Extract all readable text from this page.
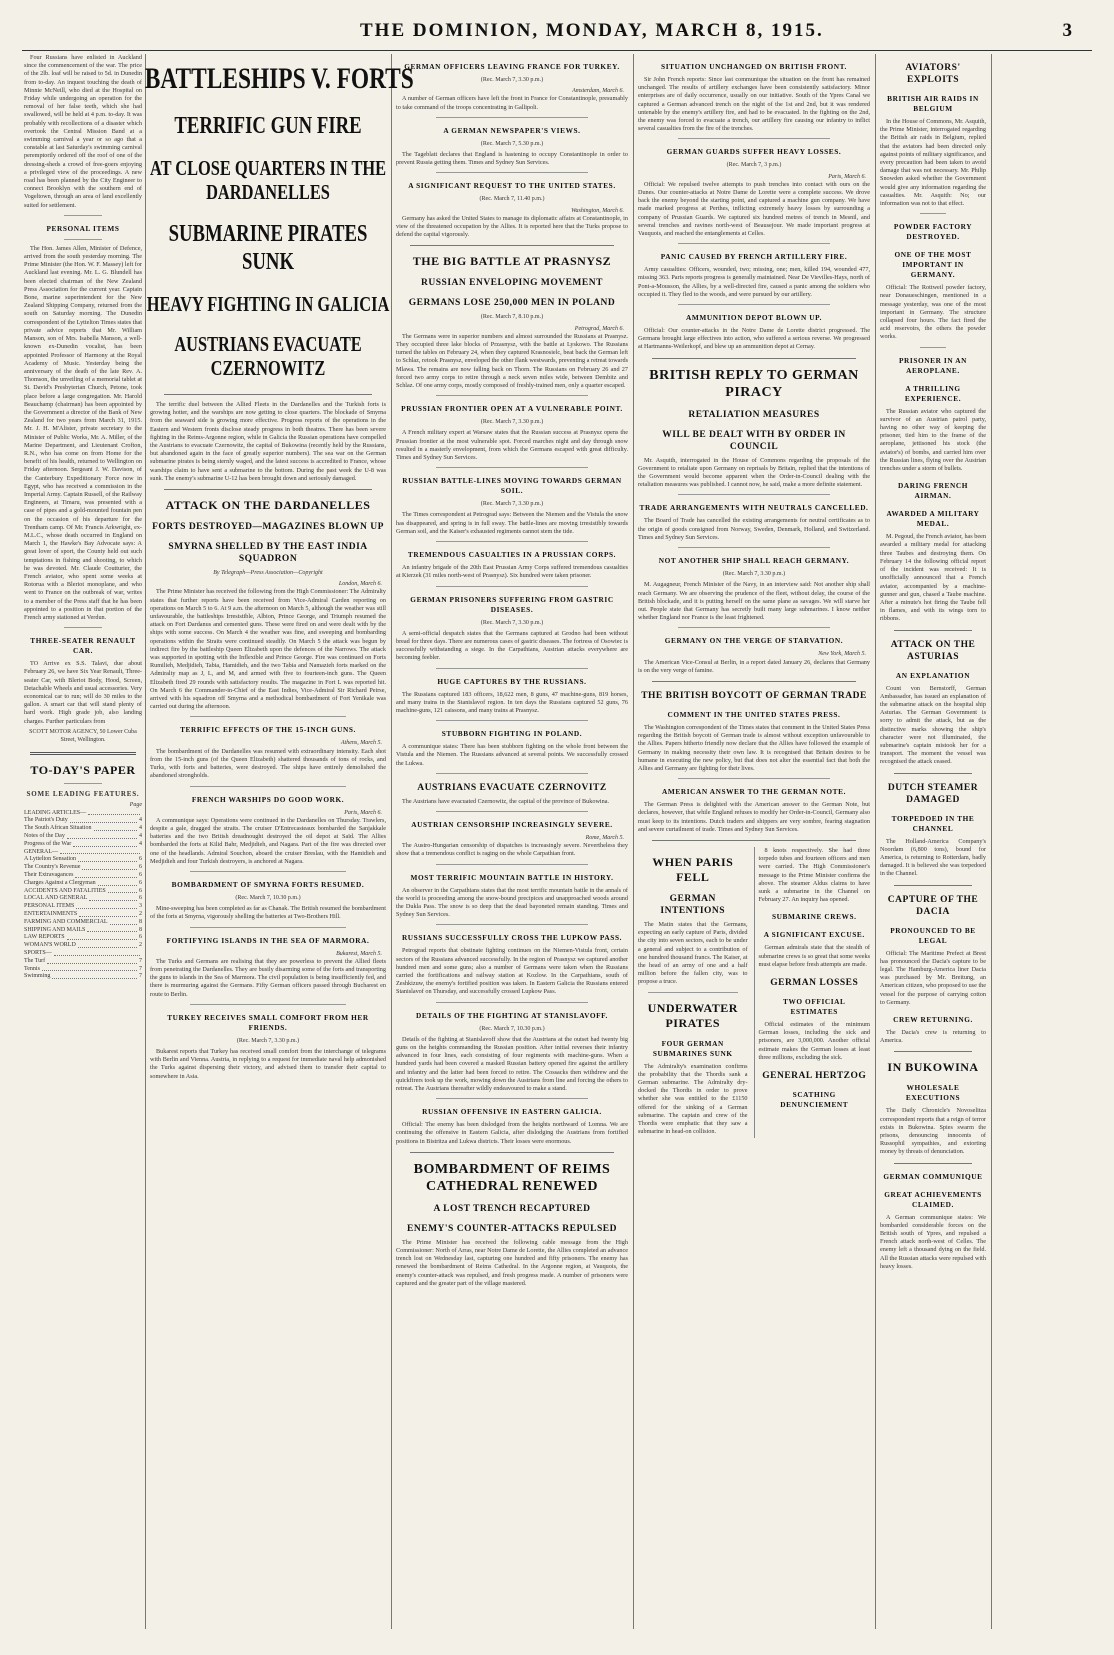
THE DOMINION, MONDAY, MARCH 8, 1915.	3

Four Russians have enlisted in Auckland since the commencement of the war. The price of the 2lb. loaf will be raised to 5d. in Dunedin from to-day. An inquest touching the death of Minnie McNeill, who died at the Hospital on Friday while undergoing an operation for the removal of her false teeth, which she had swallowed, will be held at 4 p.m. to-day. It was probably with recollections of a disaster which overtook the Central Mission Band at a swimming carnival a year or so ago that a constable at last Saturday's swimming carnival peremptorily ordered off the roof of one of the dressing-sheds a crowd of free-goers enjoying a privileged view of the proceedings. A new road has been planned by the City Engineer to connect Brooklyn with the southern end of Vogeltown, through an area of land excellently suited for settlement.

PERSONAL ITEMS

The Hon. James Allen, Minister of Defence, arrived from the south yesterday morning. The Prime Minister (the Hon. W. F. Massey) left for Auckland last evening. Mr. L. G. Blundell has been elected chairman of the New Zealand Press Association for the current year. Captain Bone, marine superintendent for the New Zealand Shipping Company, returned from the south on Saturday morning. The Dunedin correspondent of the Lyttelton Times states that private advice reports that Mr. William Manson, son of Mrs. Isabella Manson, a well-known ex-Dunedin vocalist, has been appointed Professor of Harmony at the Royal Academy of Music. Yesterday being the anniversary of the death of the late Rev. A. Thomson, the unveiling of a memorial tablet at St. David's Presbyterian Church, Petone, took place before a large congregation. Mr. Harold Beauchamp (chairman) has been appointed by the Government a director of the Bank of New Zealand for two years from March 31, 1915. Mr. J. H. M'Alister, private secretary to the Minister of Public Works, Mr. A. Miller, of the Marine Department, and Lieutenant Crofton, R.N., who has come on from Home for the benefit of his health, returned to Wellington on Friday afternoon. Sergeant J. W. Davison, of the Canterbury Expeditionary Force now in Egypt, who has received a commission in the Imperial Army. Captain Russell, of the Railway Engineers, at Timaru, was presented with a case of pipes and a gold-mounted fountain pen on the occasion of his departure for the Trentham camp. Of Mr. Francis Arkwright, ex-M.L.C., whose death occurred in England on March 1, the Hawke's Bay Advocate says: A great lover of sport, the County held out such temptations in fishing and shooting, to which he was devoted. Mr. Claude Coutturier, the French aviator, who spent some weeks at Rotorua with a Bleriot monoplane, and who went to France on the outbreak of war, writes to a member of the Press staff that he has been appointed to a position in that portion of the French army stationed at Verdun.

THREE-SEATER RENAULT CAR.

TO Arrive ex S.S. Talavi, due about February 26, we have Six Year Renault, Three-seater Car, with Bleriot Body, Hood, Screen, Detachable Wheels and usual accessories. Very economical car to run; will do 30 miles to the gallon. A smart car that will stand plenty of hard work. High grade job, also landing charges. Further particulars from

SCOTT MOTOR AGENCY, 50 Lower Cuba Street, Wellington.
TO-DAY'S PAPER
SOME LEADING FEATURES.
Page
LEADING ARTICLES—
The Patriot's Duty	4
The South African Situation	4
Notes of the Day	4
Progress of the War	4
GENERAL—
A Lyttelton Sensation	6
The Country's Revenue	6
Their Extravagances	6
Charges Against a Clergyman	6
ACCIDENTS AND FATALITIES	6
LOCAL AND GENERAL	6
PERSONAL ITEMS	3
ENTERTAINMENTS	2
FARMING AND COMMERCIAL	8
SHIPPING AND MAILS	8
LAW REPORTS	6
WOMAN'S WORLD	2
SPORTS—
The Turf	7
Tennis	7
Swimming	7
BATTLESHIPS V. FORTS
TERRIFIC GUN FIRE
AT CLOSE QUARTERS IN THE DARDANELLES
SUBMARINE PIRATES SUNK
HEAVY FIGHTING IN GALICIA
AUSTRIANS EVACUATE CZERNOWITZ

The terrific duel between the Allied Fleets in the Dardanelles and the Turkish forts is growing hotter, and the warships are now getting to close quarters. The blockade of Smyrna from the seaward side is growing more effective. Progress reports of the operations in the Eastern and Western fronts disclose steady progress in both theatres. There has been severe fighting in the Reims-Argonne region, while in Galicia the Russian operations have compelled the Austrians to evacuate Czernowitz, the capital of Bukowina (recently held by the Russians, but abandoned again in the face of greatly superior numbers). The sea war on the German submarine pirates is being sternly waged, and the latest success is accredited to France, whose warships claim to have sent a submarine to the bottom. During the past week the U-8 was sunk. The enemy's submarine U-12 has been brought down and seriously damaged.

ATTACK ON THE DARDANELLES
FORTS DESTROYED—MAGAZINES BLOWN UP
SMYRNA SHELLED BY THE EAST INDIA SQUADRON
By Telegraph—Press Association—Copyright
London, March 6.

The Prime Minister has received the following from the High Commissioner: The Admiralty states that further reports have been received from Vice-Admiral Carden reporting on operations on March 5 to 6. At 9 a.m. the afternoon on March 5, although the weather was still unfavourable, the battleships Irresistible, Albion, Prince George, and Triumph resumed the attack on Fort Dardanus and cemented guns. These were fired on and were dealt with by the ships with some success. On March 4 the weather was fine, and sweeping and bombarding operations within the Straits were continued steadily. On March 5 the attack was begun by indirect fire by the battleship Queen Elizabeth upon the defences of the Narrows. The attack was supported in spotting with the Inflexible and Prince George. Fire was continued on Forts Rumilieh, Medjidieh, Tabia, Hamidieh, and the two Tabia and Namazieh forts marked on the Admiralty map as J, L, and M, and armed with five to fourteen-inch guns. The Queen Elizabeth fired 29 rounds with satisfactory results. The magazine in Fort L was reported hit. On March 6 the Commander-in-Chief of the East Indies, Vice-Admiral Sir Richard Peirse, arrived with his squadron off Smyrna and a methodical bombardment of Fort Yenikale was carried out during the afternoon.

TERRIFIC EFFECTS OF THE 15-INCH GUNS.
Athens, March 5.

The bombardment of the Dardanelles was resumed with extraordinary intensity. Each shot from the 15-inch guns (of the Queen Elizabeth) shattered thousands of tons of rocks, and Turks, with forts and batteries, were destroyed. The ships have entirely demolished the abandoned strongholds.

FRENCH WARSHIPS DO GOOD WORK.
Paris, March 6.

A communique says: Operations were continued in the Dardanelles on Thursday. Trawlers, despite a gale, dragged the straits. The cruiser D'Entrecasteaux bombarded the Sanjakkale batteries and the two British dreadnought destroyed the oil depot at Saïd. The Allies bombarded the forts at Kilid Bahr, Medjidieh, and Nagara. Part of the fire was directed over one of the headlands. Admiral Souchon, aboard the cruiser Breslau, with the Hamidieh and Medjidieh and four Turkish destroyers, is anchored at Nagara.

BOMBARDMENT OF SMYRNA FORTS RESUMED.
(Rec. March 7, 10.30 p.m.)

Mine-sweeping has been completed as far as Chanak. The British resumed the bombardment of the forts at Smyrna, vigorously shelling the batteries at Two-Brothers Hill.

FORTIFYING ISLANDS IN THE SEA OF MARMORA.
Bukarest, March 5.

The Turks and Germans are realising that they are powerless to prevent the Allied fleets from penetrating the Dardanelles. They are busily disarming some of the forts and transporting the guns to islands in the Sea of Marmora. The civil population is being insufficiently fed, and there is murmuring against the Germans. Fifty German officers passed through Bucharest en route to Berlin.

TURKEY RECEIVES SMALL COMFORT FROM HER FRIENDS.
(Rec. March 7, 3.30 p.m.)

Bukarest reports that Turkey has received small comfort from the interchange of telegrams with Berlin and Vienna. Austria, in replying to a request for immediate naval help admonished the Turks against dispersing their victory, and advised them to transfer their capital to somewhere in Asia.

GERMAN OFFICERS LEAVING FRANCE FOR TURKEY.
(Rec. March 7, 3.30 p.m.)
Amsterdam, March 6.

A number of German officers have left the front in France for Constantinople, presumably to take command of the troops concentrating in Gallipoli.

A GERMAN NEWSPAPER'S VIEWS.
(Rec. March 7, 5.30 p.m.)

The Tageblatt declares that England is hastening to occupy Constantinople in order to prevent Russia getting them. Times and Sydney Sun Services.

A SIGNIFICANT REQUEST TO THE UNITED STATES.
(Rec. March 7, 11.40 p.m.)
Washington, March 6.

Germany has asked the United States to manage its diplomatic affairs at Constantinople, in view of the threatened occupation by the Allies. It is reported here that the Turks propose to defend the capital vigorously.

THE BIG BATTLE AT PRASNYSZ
RUSSIAN ENVELOPING MOVEMENT
GERMANS LOSE 250,000 MEN IN POLAND
(Rec. March 7, 8.10 p.m.)
Petrograd, March 6.

The Germans were in superior numbers and almost surrounded the Russians at Prasnysz. They occupied three lake blocks of Przasnysz, with the battle at Lyskowo. The Russians turned the tables on February 24, when they captured Krasnosielc, beat back the German left to Schlaz, retook Prasnysz, enveloped the other flank westwards, preventing a retreat towards Mlawa. The remains are now falling back on Thorn. The Russians on February 26 and 27 forced two army corps to retire through a neck seven miles wide, between Dembitz and Schlaz. Of one army corps, mostly composed of freshly-trained men, only a quarter escaped.

PRUSSIAN FRONTIER OPEN AT A VULNERABLE POINT.
(Rec. March 7, 3.30 p.m.)

A French military expert at Warsaw states that the Russian success at Prasnysz opens the Prussian frontier at the most vulnerable spot. Forced marches night and day through snow resulted in a masterly envelopment, from which the Germans escaped with great difficulty. Times and Sydney Sun Services.

RUSSIAN BATTLE-LINES MOVING TOWARDS GERMAN SOIL.
(Rec. March 7, 3.30 p.m.)

The Times correspondent at Petrograd says: Between the Niemen and the Vistula the snow has disappeared, and spring is in full sway. The battle-lines are moving irresistibly towards German soil, and the Kaiser's exhausted regiments cannot stem the tide.

TREMENDOUS CASUALTIES IN A PRUSSIAN CORPS.

An infantry brigade of the 20th East Prussian Army Corps suffered tremendous casualties at Kierzek (31 miles north-west of Prasnysz). Six hundred were taken prisoner.

GERMAN PRISONERS SUFFERING FROM GASTRIC DISEASES.
(Rec. March 7, 3.30 p.m.)

A semi-official despatch states that the Germans captured at Grodno had been without bread for three days. There are numerous cases of gastric diseases. The fortress of Osowiec is successfully withstanding a siege. In the Carpathians, Austrian attacks everywhere are becoming feebler.

HUGE CAPTURES BY THE RUSSIANS.

The Russians captured 183 officers, 18,622 men, 8 guns, 47 machine-guns, 819 horses, and many trains in the Stanislavof region. In ten days the Russians captured 52 guns, 76 machine-guns, 121 caissons, and many trains at Prasnysz.

STUBBORN FIGHTING IN POLAND.

A communique states: There has been stubborn fighting on the whole front between the Vistula and the Niemen. The Russians advanced at several points. We successfully crossed the Lukwa.

AUSTRIANS EVACUATE CZERNOVITZ

The Austrians have evacuated Czernowitz, the capital of the province of Bukowina.

AUSTRIAN CENSORSHIP INCREASINGLY SEVERE.
Rome, March 5.

The Austro-Hungarian censorship of dispatches is increasingly severe. Nevertheless they show that a tremendous conflict is raging on the whole Carpathian front.

MOST TERRIFIC MOUNTAIN BATTLE IN HISTORY.

An observer in the Carpathians states that the most terrific mountain battle in the annals of the world is proceeding among the snow-bound precipices and unapproached woods around the Dukla Pass. The snow is so deep that the dead bayoneted remain standing. Times and Sydney Sun Services.

RUSSIANS SUCCESSFULLY CROSS THE LUPKOW PASS.

Petrograd reports that obstinate fighting continues on the Niemen-Vistula front, certain sectors of the Russians advanced successfully. In the region of Prasnysz we captured another hundred men and some guns; also a number of Germans were taken when the Russians carried the fortifications and railway station at Kozlow. In the Carpathians, south of Zeshkizuw, the enemy's fortified position was taken. In Eastern Galicia the Russians entered Stanislavof on Thursday, and successfully crossed Lupkow Pass.

DETAILS OF THE FIGHTING AT STANISLAVOFF.
(Rec. March 7, 10.30 p.m.)

Details of the fighting at Stanislavoff show that the Austrians at the outset had twenty big guns on the heights commanding the Russian position. After initial reverses their infantry advanced in four lines, each consisting of four regiments with machine-guns. When a hundred yards had been covered a masked Russian battery opened fire against the artillery and infantry and the latter had been forced to retire. The Cossacks then withdrew and the quickfirers took up the work, mowing down the Austrians from line and forcing the others to retreat. The Austrians thereafter wildly endeavoured to make a stand.

RUSSIAN OFFENSIVE IN EASTERN GALICIA.

Official: The enemy has been dislodged from the heights northward of Lomna. We are continuing the offensive in Eastern Galicia, after dislodging the Austrians from fortified positions in Bistritza and Lukwa districts. Their losses were enormous.

BOMBARDMENT OF REIMS CATHEDRAL RENEWED
A LOST TRENCH RECAPTURED
ENEMY'S COUNTER-ATTACKS REPULSED

The Prime Minister has received the following cable message from the High Commissioner: North of Arras, near Notre Dame de Lorette, the Allies completed an advance trench lost on Wednesday last, capturing one hundred and fifty prisoners. The enemy has renewed the bombardment of Reims Cathedral. In the Argonne region, at Vauquois, the enemy's counter-attack was repulsed, and fresh progress made. A number of prisoners were captured and the greater part of the village mastered.

SITUATION UNCHANGED ON BRITISH FRONT.

Sir John French reports: Since last communique the situation on the front has remained unchanged. The results of artillery exchanges have been consistently satisfactory. Minor enterprises are of daily occurrence, usually on our initiative. South of the Ypres Canal we captured a German advanced trench on the night of the 1st and 2nd, but it was rendered untenable by the enemy's artillery fire, and had to be evacuated. In the fighting on the 2nd, the enemy was forced to evacuate a trench, our artillery fire causing our infantry to inflict several casualties from the fire of the trenches.

GERMAN GUARDS SUFFER HEAVY LOSSES.
(Rec. March 7, 3 p.m.)
Paris, March 6.

Official: We repulsed twelve attempts to push trenches into contact with ours on the Dunes. Our counter-attacks at Notre Dame de Lorette were a complete success. We drove back the enemy beyond the starting point, and captured a machine gun company. We have made marked progress at Perthes, inflicting extremely heavy losses by surrounding a company of Prussian Guards. We captured six hundred metres of trench in Mesnil, and several trenches and ravines north-west of Beausejour. We made important progress at Vauquois, and reached the entanglements at Celles.

PANIC CAUSED BY FRENCH ARTILLERY FIRE.

Army casualties: Officers, wounded, two; missing, one; men, killed 194, wounded 477, missing 363. Paris reports progress is generally maintained. Near De Vievilles-Hays, north of Pont-a-Mousson, the Allies, by a well-directed fire, caused a panic among the soldiers who occupied it. They fled to the woods, and were pursued by our artillery.

AMMUNITION DEPOT BLOWN UP.

Official: Our counter-attacks in the Notre Dame de Lorette district progressed. The Germans brought large effectives into action, who suffered a serious reverse. We progressed at Hartmanns-Weilerkopf, and blew up an ammunition depot at Cernay.

BRITISH REPLY TO GERMAN PIRACY
RETALIATION MEASURES
WILL BE DEALT WITH BY ORDER IN COUNCIL

Mr. Asquith, interrogated in the House of Commons regarding the proposals of the Government to retaliate upon Germany on reprisals by Britain, replied that the intentions of the Government would become apparent when the Order-in-Council dealing with the retaliation measures was published. I cannot now, he said, make a more definite statement.

TRADE ARRANGEMENTS WITH NEUTRALS CANCELLED.

The Board of Trade has cancelled the existing arrangements for neutral certificates as to the origin of goods consigned from Norway, Sweden, Denmark, Holland, and Switzerland. Times and Sydney Sun Services.

NOT ANOTHER SHIP SHALL REACH GERMANY.
(Rec. March 7, 3.30 p.m.)

M. Augagneur, French Minister of the Navy, in an interview said: Not another ship shall reach Germany. We are observing the prudence of the fleet, without delay, the course of the British blockade, and it is putting herself on the same plane as savages. We will starve her out. People state that Germany has secretly built many large submarines. I know neither whether England nor France is the least frightened.

GERMANY ON THE VERGE OF STARVATION.
New York, March 5.

The American Vice-Consul at Berlin, in a report dated January 26, declares that Germany is on the very verge of famine.

THE BRITISH BOYCOTT OF GERMAN TRADE
COMMENT IN THE UNITED STATES PRESS.

The Washington correspondent of the Times states that comment in the United States Press regarding the British boycott of German trade is almost without exception unfavourable to the Allies. Papers hitherto friendly now declare that the Allies have followed the example of Germany in making necessity their own law. It is recognised that Britain desires to be humane in executing the new policy, but that does not alter the essential fact that both the Allies and Germany are fighting for their lives.

AMERICAN ANSWER TO THE GERMAN NOTE.

The German Press is delighted with the American answer to the German Note, but declares, however, that while England refuses to modify her Order-in-Council, Germany also must keep to its intentions. Dutch traders and shippers are very sombre, fearing stagnation and severe curtailment of trade. Times and Sydney Sun Services.

WHEN PARIS FELL
GERMAN INTENTIONS

The Matin states that the Germans, expecting an early capture of Paris, divided the city into seven sectors, each to be under a general and subject to a contribution of one hundred thousand francs. The Kaiser, at the head of an army of one and a half million before the fallen city, was to propose a truce.

UNDERWATER PIRATES
FOUR GERMAN SUBMARINES SUNK

The Admiralty's examination confirms the probability that the Thordis sank a German submarine. The Admiralty dry-docked the Thordis in order to prove whether she was entitled to the £1150 offered for the sinking of a German submarine. The captain and crew of the Thordis were emphatic that they saw a submarine in head-on collision.

8 knots respectively. She had three torpedo tubes and fourteen officers and men were carried. The High Commissioner's message to the Prime Minister confirms the above. The steamer Aldus claims to have sunk a submarine in the Channel on February 27. An inquiry has opened.

SUBMARINE CREWS.
A SIGNIFICANT EXCUSE.

German admirals state that the stealth of submarine crews is so great that some weeks must elapse before fresh attempts are made.

GERMAN LOSSES
TWO OFFICIAL ESTIMATES

Official estimates of the minimum German losses, including the sick and prisoners, are 3,000,000. Another official estimate makes the German losses at least three millions, excluding the sick.

GENERAL HERTZOG
SCATHING DENUNCIEMENT
AVIATORS' EXPLOITS
BRITISH AIR RAIDS IN BELGIUM

In the House of Commons, Mr. Asquith, the Prime Minister, interrogated regarding the British air raids in Belgium, replied that the aviators had been directed only against points of military significance, and every precaution had been taken to avoid damage that was not necessary. Mr. Philip Snowden asked whether the Government would give any information regarding the casualties. Mr. Asquith: No; our information was not to that effect.

POWDER FACTORY DESTROYED.
ONE OF THE MOST IMPORTANT IN GERMANY.

Official: The Rottweil powder factory, near Donaueschingen, mentioned in a message yesterday, was one of the most important in Germany. The structure collapsed four hours. The fact fired the acid reservoirs, the others the powder works.

PRISONER IN AN AEROPLANE.
A THRILLING EXPERIENCE.

The Russian aviator who captured the survivor of an Austrian patrol party, having no other way of keeping the prisoner, tied him to the frame of the aeroplane, jettisoned his stock (the aviator's) of bombs, and carried him over the Russian lines, flying over the Austrian trenches under a storm of bullets.

DARING FRENCH AIRMAN.
AWARDED A MILITARY MEDAL.

M. Pegoud, the French aviator, has been awarded a military medal for attacking three Taubes and destroying them. On February 14 the following official report of the incident was received: It is unofficially announced that a French aviator, accompanied by a machine-gunner and gun, chased a Taube machine. After a minute's hot firing the Taube fell in flames, and with its wings torn to ribbons.

ATTACK ON THE ASTURIAS
AN EXPLANATION

Count von Bernstorff, German Ambassador, has issued an explanation of the submarine attack on the hospital ship Asturias. The German Government is sorry to admit the attack, but as the distinctive marks showing the ship's character were not illuminated, the submarine's captain mistook her for a transport. The moment the vessel was recognised the attack ceased.

DUTCH STEAMER DAMAGED
TORPEDOED IN THE CHANNEL

The Holland-America Company's Noordam (6,800 tons), bound for America, is returning to Rotterdam, badly damaged. It is believed she was torpedoed in the Channel.

CAPTURE OF THE DACIA
PRONOUNCED TO BE LEGAL

Official: The Maritime Prefect at Brest has pronounced the Dacia's capture to be legal. The Hamburg-America liner Dacia was purchased by Mr. Breitung, an American citizen, who proposed to use the vessel for the purpose of carrying cotton to Germany.

CREW RETURNING.

The Dacia's crew is returning to America.

IN BUKOWINA
WHOLESALE EXECUTIONS

The Daily Chronicle's Novoselitza correspondent reports that a reign of terror exists in Bukowina. Spies swarm the prisons, denouncing innocents of Russophil sympathies, and extorting money by threats of denunciation.

GERMAN COMMUNIQUE
GREAT ACHIEVEMENTS CLAIMED.

A German communique states: We bombarded considerable forces on the British south of Ypres, and repulsed a French attack north-west of Celles. The enemy left a thousand dying on the field. All the Russian attacks were repulsed with heavy losses.
